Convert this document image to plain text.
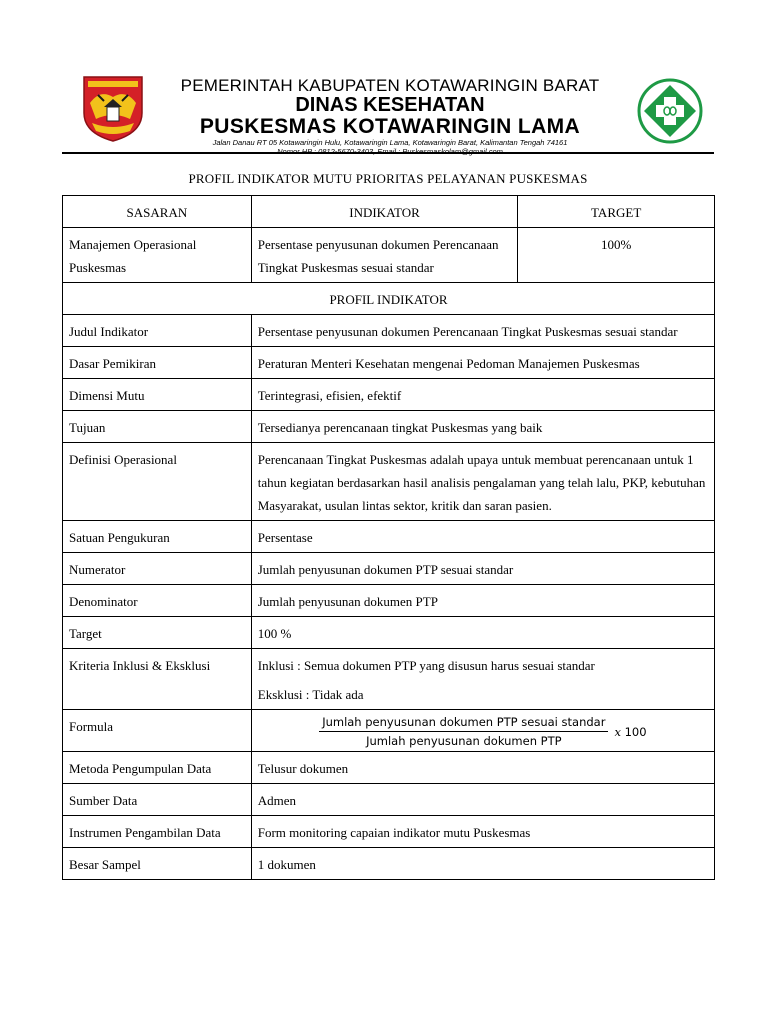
PEMERINTAH KABUPATEN KOTAWARINGIN BARAT
DINAS KESEHATAN
PUSKESMAS KOTAWARINGIN LAMA
Jalan Danau RT 05 Kotawaringin Hulu, Kotawaringin Lama, Kotawaringin Barat, Kalimantan Tengah 74161
PROFIL INDIKATOR MUTU PRIORITAS PELAYANAN PUSKESMAS
SASARAN	INDIKATOR	TARGET
Manajemen Operasional Puskesmas	Persentase penyusunan dokumen Perencanaan Tingkat Puskesmas sesuai standar	100%
PROFIL INDIKATOR		
Judul Indikator	Persentase penyusunan dokumen Perencanaan Tingkat Puskesmas sesuai standar	
Dasar Pemikiran	Peraturan Menteri Kesehatan mengenai Pedoman Manajemen Puskesmas	
Dimensi Mutu	Terintegrasi, efisien, efektif	
Tujuan	Tersedianya perencanaan tingkat Puskesmas yang baik	
Definisi Operasional	Perencanaan Tingkat Puskesmas adalah upaya untuk membuat perencanaan untuk 1 tahun kegiatan berdasarkan hasil analisis pengalaman yang telah lalu, PKP, kebutuhan Masyarakat, usulan lintas sektor, kritik dan saran pasien.	
Satuan Pengukuran	Persentase	
Numerator	Jumlah penyusunan dokumen PTP sesuai standar	
Denominator	Jumlah penyusunan dokumen PTP	
Target	100 %	
Kriteria Inklusi & Eksklusi	Inklusi : Semua dokumen PTP yang disusun harus sesuai standar
Eksklusi : Tidak ada	

Formula	$\frac{\text{Jumlah penyusunan dokumen PTP sesuai standar}}{\text{Jumlah penyusunan dokumen PTP}}$ x 100	

Metoda Pengumpulan Data	Telusur dokumen	
Sumber Data	Admen	
Instrumen Pengambilan Data	Form monitoring capaian indikator mutu Puskesmas	
Besar Sampel	1 dokumen	
